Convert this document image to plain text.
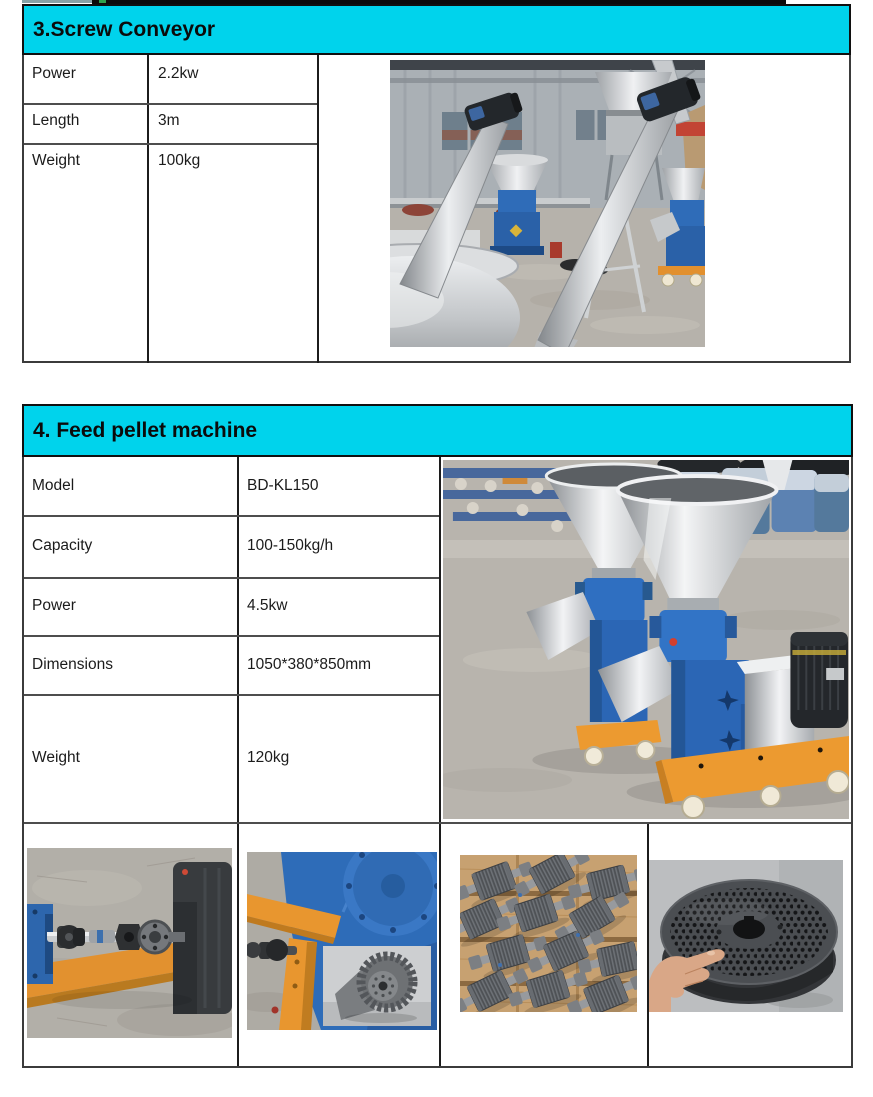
3.Screw Conveyor
Power	2.2kw
Length	3m
Weight	100kg
4. Feed pellet machine
Model	BD-KL150
Capacity	100-150kg/h
Power	4.5kw
Dimensions	1050*380*850mm
Weight	120kg
